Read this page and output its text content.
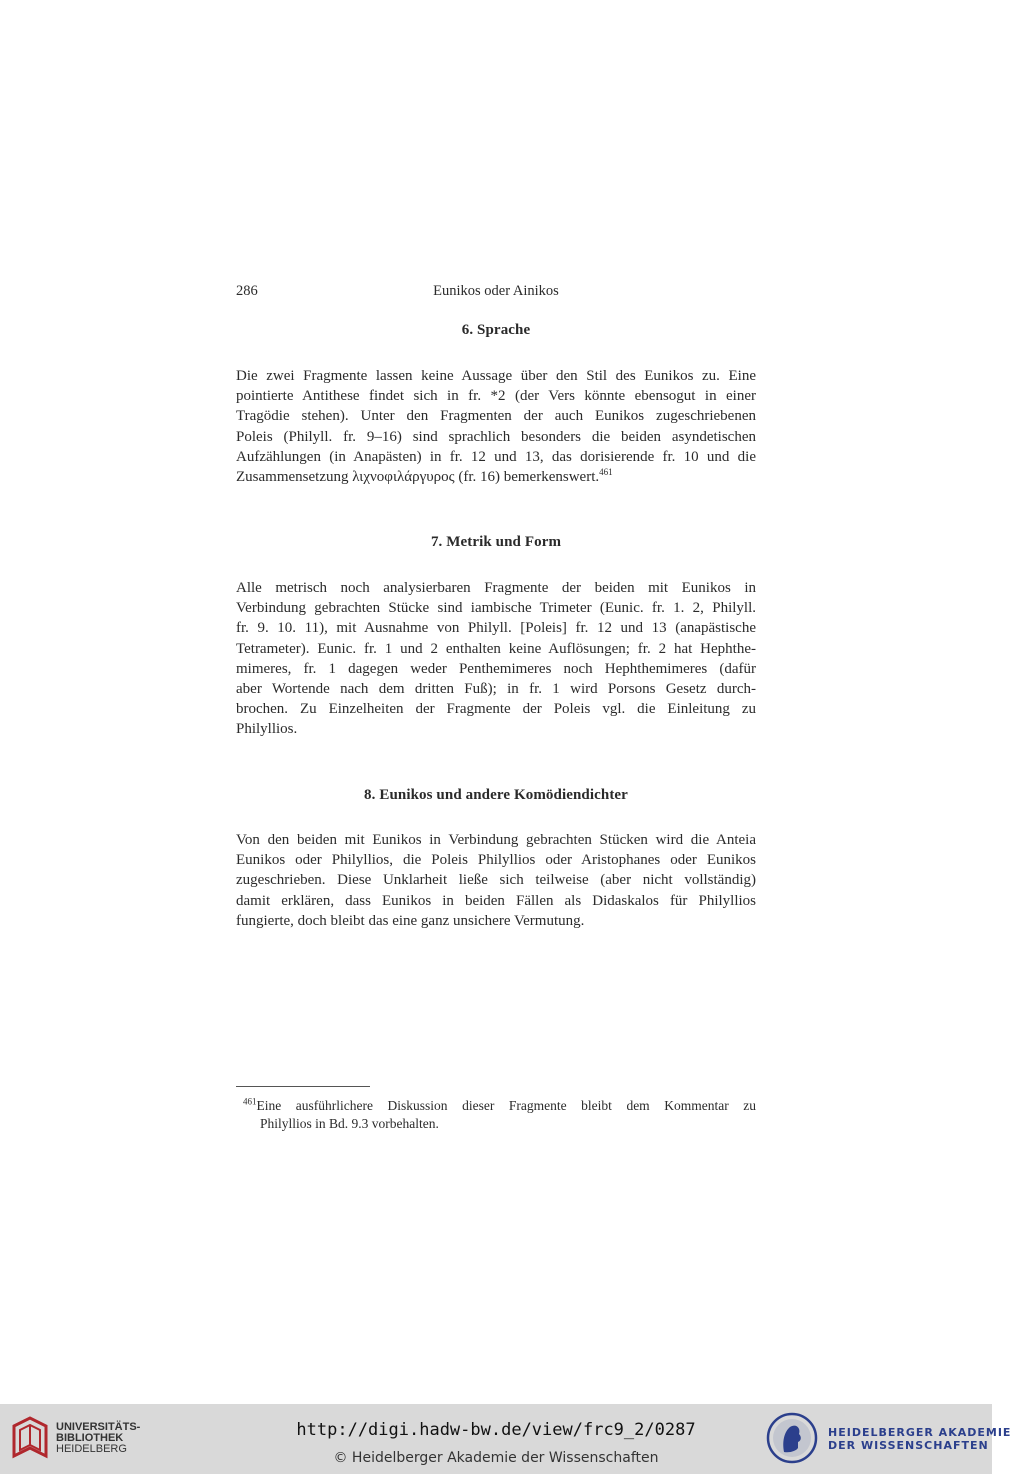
286	Eunikos oder Ainikos
6. Sprache
Die zwei Fragmente lassen keine Aussage über den Stil des Eunikos zu. Eine
pointierte Antithese findet sich in fr. *2 (der Vers könnte ebensogut in einer
Tragödie stehen). Unter den Fragmenten der auch Eunikos zugeschriebenen
Poleis (Philyll. fr. 9–16) sind sprachlich besonders die beiden asyndetischen
Aufzählungen (in Anapästen) in fr. 12 und 13, das dorisierende fr. 10 und die
Zusammensetzung λιχνοφιλάργυρος (fr. 16) bemerkenswert.$^{461}$
7. Metrik und Form
Alle metrisch noch analysierbaren Fragmente der beiden mit Eunikos in
Verbindung gebrachten Stücke sind iambische Trimeter (Eunic. fr. 1. 2, Philyll.
fr. 9. 10. 11), mit Ausnahme von Philyll. [Poleis] fr. 12 und 13 (anapästische
Tetrameter). Eunic. fr. 1 und 2 enthalten keine Auflösungen; fr. 2 hat Hephthe-
mimeres, fr. 1 dagegen weder Penthemimeres noch Hephthemimeres (dafür
aber Wortende nach dem dritten Fuß); in fr. 1 wird Porsons Gesetz durch-
brochen. Zu Einzelheiten der Fragmente der Poleis vgl. die Einleitung zu
Philyllios.
8. Eunikos und andere Komödiendichter
Von den beiden mit Eunikos in Verbindung gebrachten Stücken wird die Anteia
Eunikos oder Philyllios, die Poleis Philyllios oder Aristophanes oder Eunikos
zugeschrieben. Diese Unklarheit ließe sich teilweise (aber nicht vollständig)
damit erklären, dass Eunikos in beiden Fällen als Didaskalos für Philyllios
fungierte, doch bleibt das eine ganz unsichere Vermutung.
$^{461}$Eine ausführlichere Diskussion dieser Fragmente bleibt dem Kommentar zu
Philyllios in Bd. 9.3 vorbehalten.
UNIVERSITÄTS-
BIBLIOTHEK
HEIDELBERG
http://digi.hadw-bw.de/view/frc9_2/0287
© Heidelberger Akademie der Wissenschaften
HEIDELBERGER AKADEMIE
DER WISSENSCHAFTEN
